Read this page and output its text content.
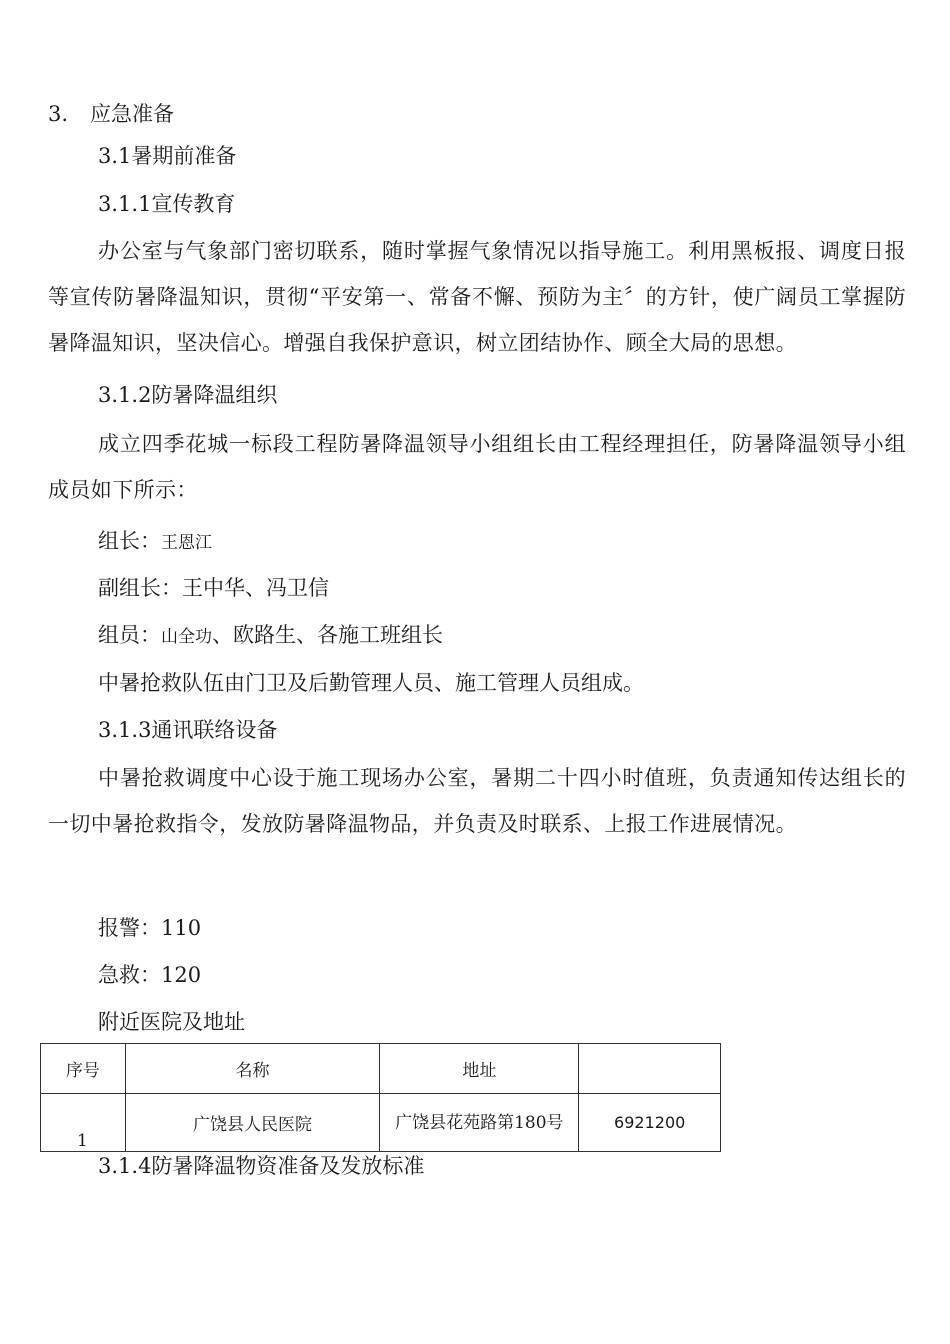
3. 应急准备
3.1暑期前准备
3.1.1宣传教育
办公室与气象部门密切联系，随时掌握气象情况以指导施工。利用黑板报、调度日报等宣传防暑降温知识，贯彻“平安第一、常备不懈、预防为主〞的方针，使广阔员工掌握防暑降温知识，坚决信心。增强自我保护意识，树立团结协作、顾全大局的思想。
3.1.2防暑降温组织
成立四季花城一标段工程防暑降温领导小组组长由工程经理担任，防暑降温领导小组成员如下所示：
组长：王恩江
副组长：王中华、冯卫信
组员：山全功、欧路生、各施工班组长
中暑抢救队伍由门卫及后勤管理人员、施工管理人员组成。
3.1.3通讯联络设备
中暑抢救调度中心设于施工现场办公室，暑期二十四小时值班，负责通知传达组长的一切中暑抢救指令，发放防暑降温物品，并负责及时联系、上报工作进展情况。
报警：110
急救：120
附近医院及地址
序号	名称	地址	

1	广饶县人民医院	广饶县花苑路第180号	6921200
3.1.4防暑降温物资准备及发放标准
